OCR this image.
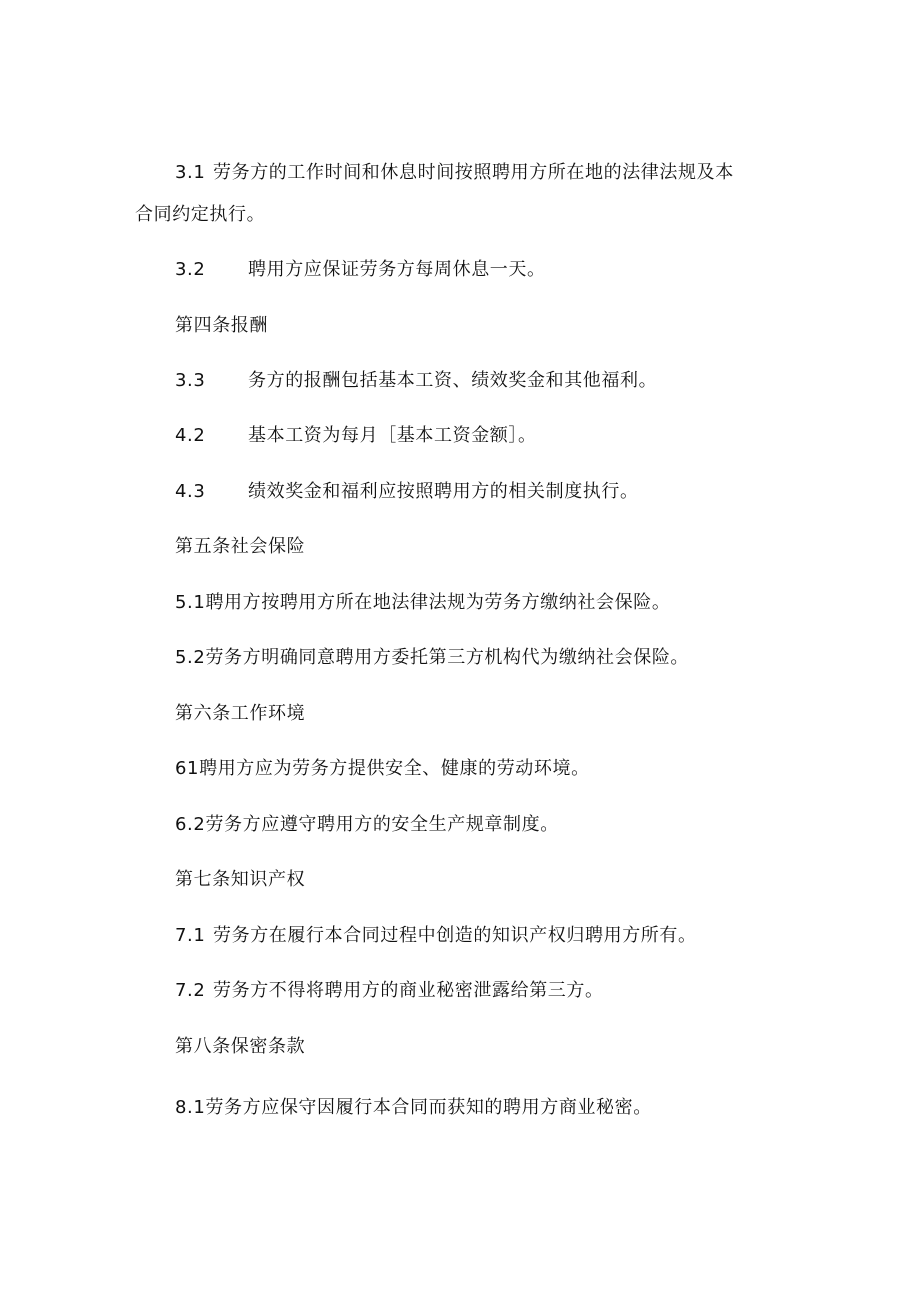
3.1 劳务方的工作时间和休息时间按照聘用方所在地的法律法规及本
合同约定执行。
3.2 聘用方应保证劳务方每周休息一天。
第四条报酬
3.3 务方的报酬包括基本工资、绩效奖金和其他福利。
4.2 基本工资为每月［基本工资金额］。
4.3 绩效奖金和福利应按照聘用方的相关制度执行。
第五条社会保险
5.1聘用方按聘用方所在地法律法规为劳务方缴纳社会保险。
5.2劳务方明确同意聘用方委托第三方机构代为缴纳社会保险。
第六条工作环境
61聘用方应为劳务方提供安全、健康的劳动环境。
6.2劳务方应遵守聘用方的安全生产规章制度。
第七条知识产权
7.1 劳务方在履行本合同过程中创造的知识产权归聘用方所有。
7.2 劳务方不得将聘用方的商业秘密泄露给第三方。
第八条保密条款
8.1劳务方应保守因履行本合同而获知的聘用方商业秘密。
